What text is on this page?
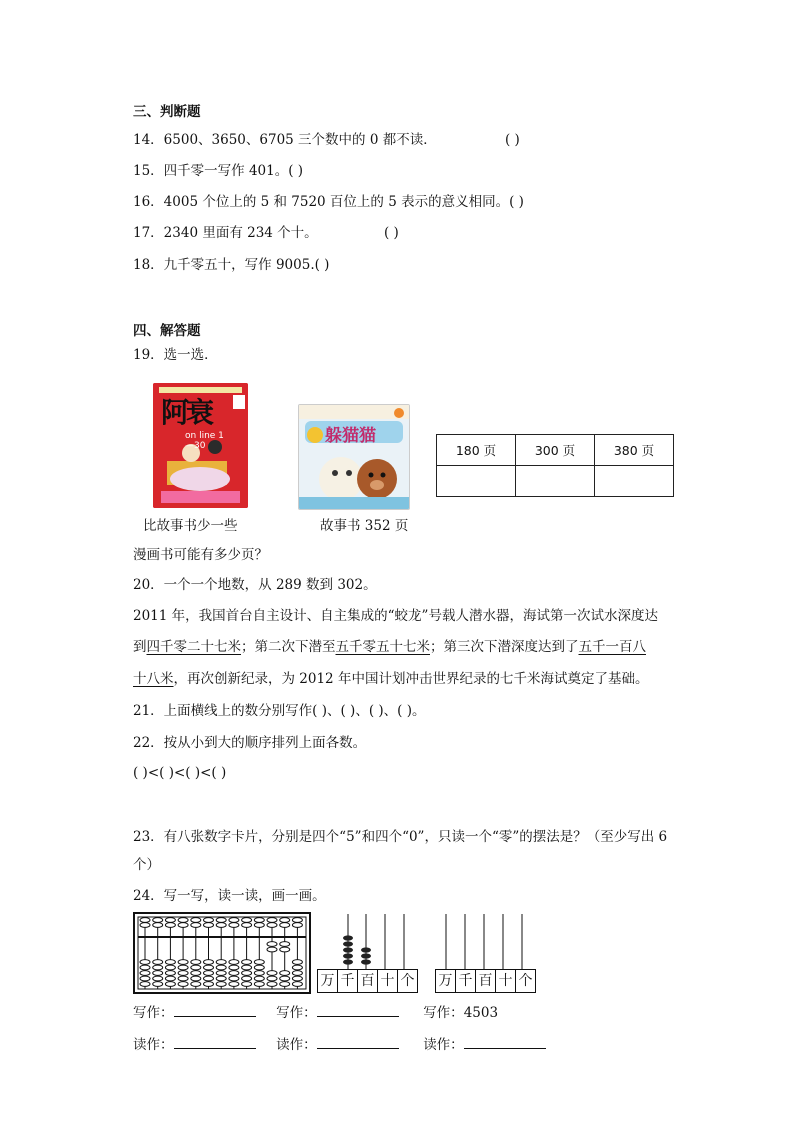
三、判断题
14．6500、3650、6705 三个数中的 0 都不读．	( )
15．四千零一写作 401。( )
16．4005 个位上的 5 和 7520 百位上的 5 表示的意义相同。( )
17．2340 里面有 234 个十。	( )
18．九千零五十，写作 9005.( )
四、解答题
19．选一选．
阿衰
on line 1—30	躲猫猫
比故事书少一些	故事书 352 页
180 页	300 页	380 页

漫画书可能有多少页？
20．一个一个地数，从 289 数到 302。
2011 年，我国首台自主设计、自主集成的“蛟龙”号载人潜水器，海试第一次试水深度达
到四千零二十七米；第二次下潜至五千零五十七米；第三次下潜深度达到了五千一百八
十八米，再次创新纪录，为 2012 年中国计划冲击世界纪录的七千米海试奠定了基础。
21．上面横线上的数分别写作( )、( )、( )、( )。
22．按从小到大的顺序排列上面各数。
( )<( )<( )<( )
23．有八张数字卡片，分别是四个“5”和四个“0”，只读一个“零”的摆法是？（至少写出 6
个）
24．写一写，读一读，画一画。
万 千 百 十 个 万 千 百 十 个
写作：	写作：	写作：4503
读作：	读作：	读作：
